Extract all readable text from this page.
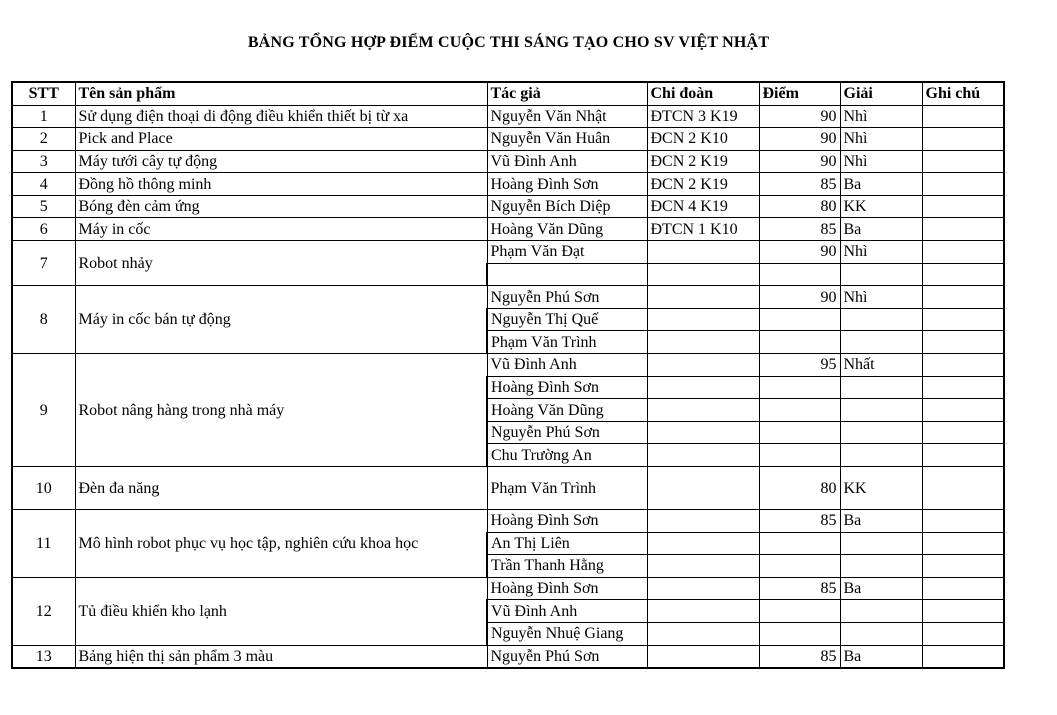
BẢNG TỔNG HỢP ĐIỂM CUỘC THI SÁNG TẠO CHO SV VIỆT NHẬT
STT	Tên sản phẩm	Tác giả	Chi đoàn	Điểm	Giải	Ghi chú
1	Sử dụng điện thoại di động điều khiển thiết bị từ xa	Nguyễn Văn Nhật	ĐTCN 3 K19	90	Nhì	
2	Pick and Place	Nguyễn Văn Huân	ĐCN 2 K10	90	Nhì	
3	Máy tưới cây tự động	Vũ Đình Anh	ĐCN 2 K19	90	Nhì	
4	Đồng hồ thông minh	Hoàng Đình Sơn	ĐCN 2 K19	85	Ba	
5	Bóng đèn cảm ứng	Nguyễn Bích Diệp	ĐCN 4 K19	80	KK	
6	Máy in cốc	Hoàng Văn Dũng	ĐTCN 1 K10	85	Ba	
7	Robot nhảy	Phạm Văn Đạt		90	Nhì	

8	Máy in cốc bán tự động	Nguyễn Phú Sơn		90	Nhì	
		Nguyễn Thị Quế				
		Phạm Văn Trình				
9	Robot nâng hàng trong nhà máy	Vũ Đình Anh		95	Nhất	
		Hoàng Đình Sơn				
		Hoàng Văn Dũng				
		Nguyễn Phú Sơn				
		Chu Trường An				
10	Đèn đa năng	Phạm Văn Trình		80	KK	
11	Mô hình robot phục vụ học tập, nghiên cứu khoa học	Hoàng Đình Sơn		85	Ba	
		An Thị Liên				
		Trần Thanh Hằng				
12	Tủ điều khiển kho lạnh	Hoàng Đình Sơn		85	Ba	
		Vũ Đình Anh				
		Nguyễn Nhuệ Giang				
13	Bảng hiện thị sản phẩm 3 màu	Nguyễn Phú Sơn		85	Ba	
